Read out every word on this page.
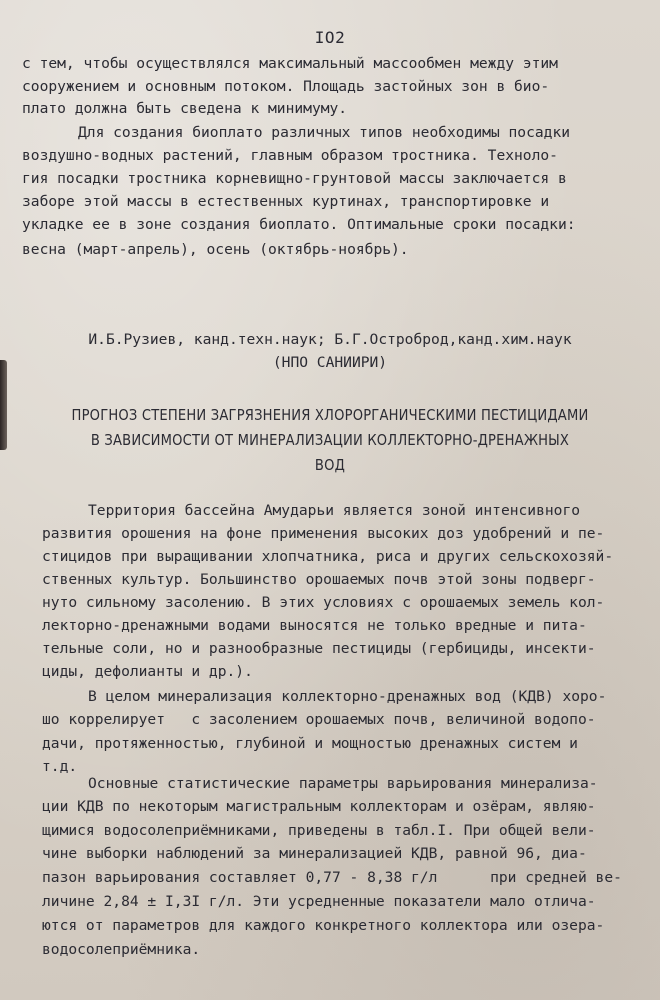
IO2
с тем, чтобы осуществлялся максимальный массообмен между этим
сооружением и основным потоком. Площадь застойных зон в био-
плато должна быть сведена к минимуму.
Для создания биоплато различных типов необходимы посадки
воздушно-водных растений, главным образом тростника. Техноло-
гия посадки тростника корневищно-грунтовой массы заключается в
заборе этой массы в естественных куртинах, транспортировке и
укладке ее в зоне создания биоплато. Оптимальные сроки посадки:
весна (март-апрель), осень (октябрь-ноябрь).
И.Б.Рузиев, канд.техн.наук; Б.Г.Остроброд,канд.хим.наук
(НПО САНИИРИ)
ПРОГНОЗ СТЕПЕНИ ЗАГРЯЗНЕНИЯ ХЛОРОРГАНИЧЕСКИМИ ПЕСТИЦИДАМИ
В ЗАВИСИМОСТИ ОТ МИНЕРАЛИЗАЦИИ КОЛЛЕКТОРНО-ДРЕНАЖНЫХ
ВОД
Территория бассейна Амударьи является зоной интенсивного
развития орошения на фоне применения высоких доз удобрений и пе-
стицидов при выращивании хлопчатника, риса и других сельскохозяй-
ственных культур. Большинство орошаемых почв этой зоны подверг-
нуто сильному засолению. В этих условиях с орошаемых земель кол-
лекторно-дренажными водами выносятся не только вредные и пита-
тельные соли, но и разнообразные пестициды (гербициды, инсекти-
циды, дефолианты и др.).
В целом минерализация коллекторно-дренажных вод (КДВ) хоро-
шо коррелирует   с засолением орошаемых почв, величиной водопо-
дачи, протяженностью, глубиной и мощностью дренажных систем и
т.д.
Основные статистические параметры варьирования минерализа-
ции КДВ по некоторым магистральным коллекторам и озёрам, являю-
щимися водосолеприёмниками, приведены в табл.I. При общей вели-
чине выборки наблюдений за минерализацией КДВ, равной 96, диа-
пазон варьирования составляет 0,77 - 8,38 г/л      при средней ве-
личине 2,84 ± I,3I г/л. Эти усредненные показатели мало отлича-
ются от параметров для каждого конкретного коллектора или озера-
водосолеприёмника.
